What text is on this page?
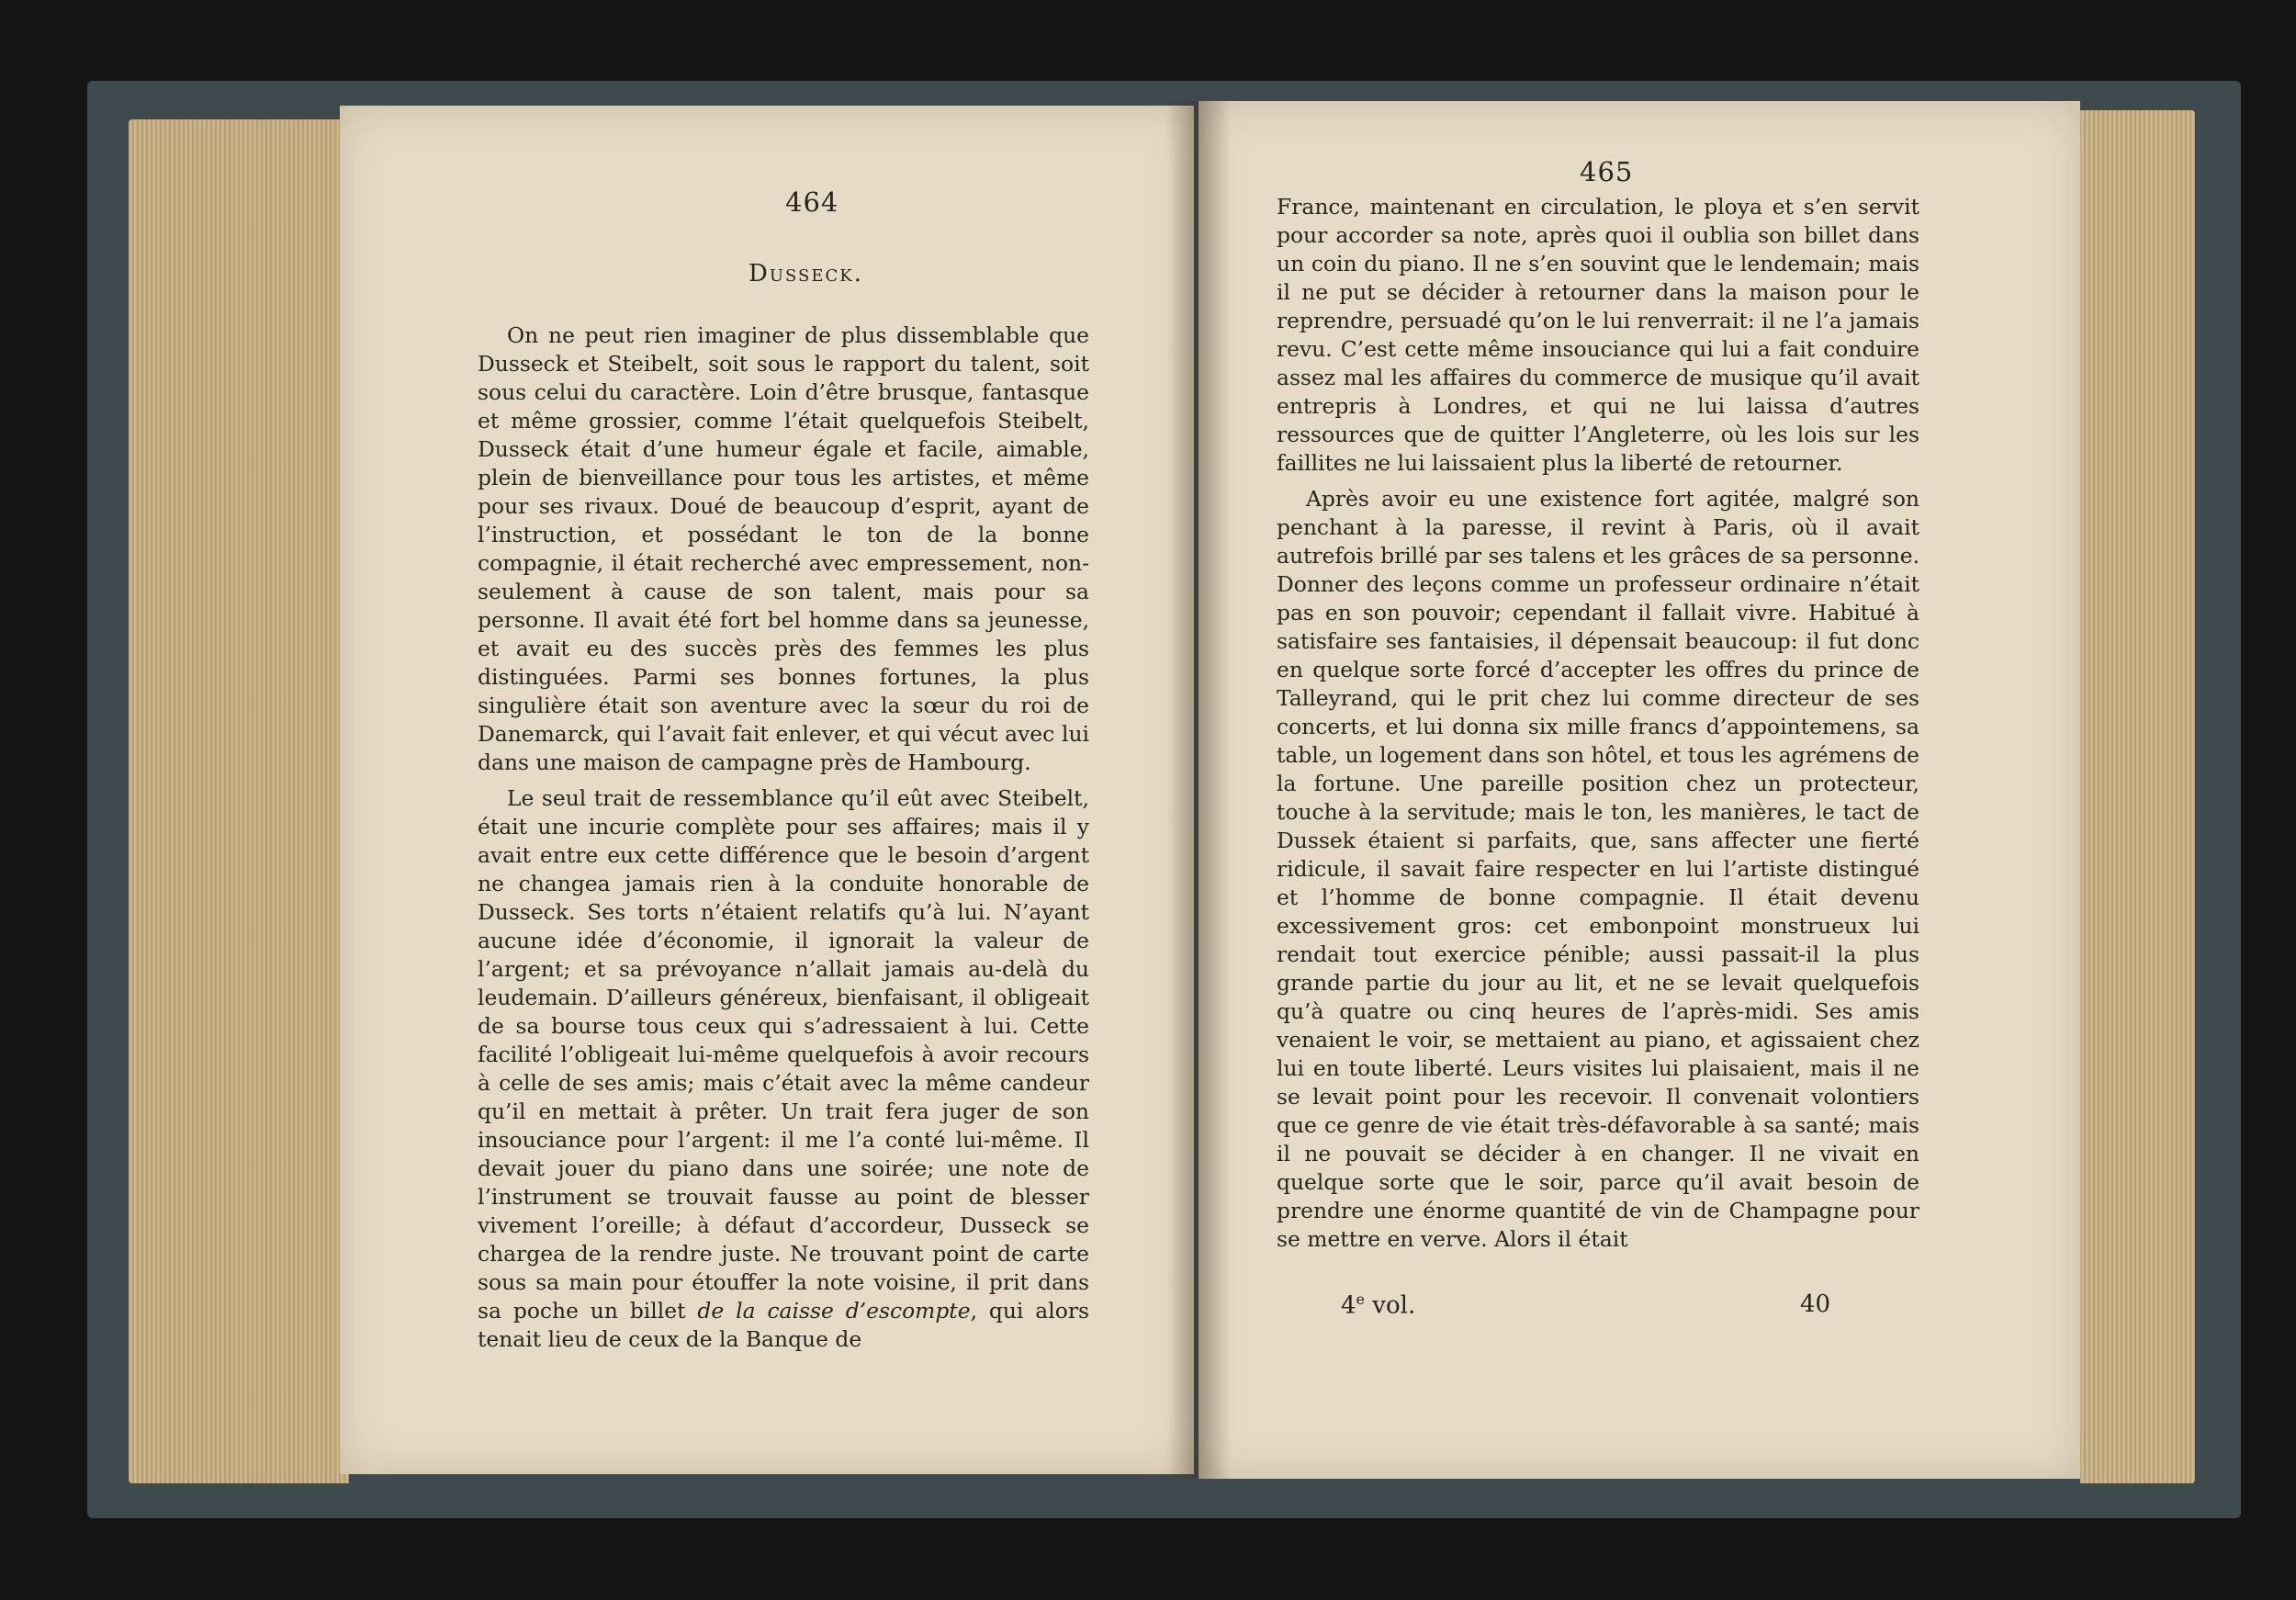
464
Dusseck.

On ne peut rien imaginer de plus dissemblable que Dusseck et Steibelt, soit sous le rapport du talent, soit sous celui du caractère. Loin d’être brusque, fantasque et même grossier, comme l’était quelquefois Steibelt, Dusseck était d’une humeur égale et facile, aimable, plein de bienveillance pour tous les artistes, et même pour ses rivaux. Doué de beaucoup d’esprit, ayant de l’instruction, et possédant le ton de la bonne compagnie, il était recherché avec empressement, non-seulement à cause de son talent, mais pour sa personne. Il avait été fort bel homme dans sa jeunesse, et avait eu des succès près des femmes les plus distinguées. Parmi ses bonnes fortunes, la plus singulière était son aventure avec la sœur du roi de Danemarck, qui l’avait fait enlever, et qui vécut avec lui dans une maison de campagne près de Hambourg.

Le seul trait de ressemblance qu’il eût avec Steibelt, était une incurie complète pour ses affaires; mais il y avait entre eux cette différence que le besoin d’argent ne changea jamais rien à la conduite honorable de Dusseck. Ses torts n’étaient relatifs qu’à lui. N’ayant aucune idée d’économie, il ignorait la valeur de l’argent; et sa prévoyance n’allait jamais au-delà du leudemain. D’ailleurs généreux, bienfaisant, il obligeait de sa bourse tous ceux qui s’adressaient à lui. Cette facilité l’obligeait lui-même quelquefois à avoir recours à celle de ses amis; mais c’était avec la même candeur qu’il en mettait à prêter. Un trait fera juger de son insouciance pour l’argent: il me l’a conté lui-même. Il devait jouer du piano dans une soirée; une note de l’instrument se trouvait fausse au point de blesser vivement l’oreille; à défaut d’accordeur, Dusseck se chargea de la rendre juste. Ne trouvant point de carte sous sa main pour étouffer la note voisine, il prit dans sa poche un billet de la caisse d’escompte, qui alors tenait lieu de ceux de la Banque de

465

France, maintenant en circulation, le ploya et s’en servit pour accorder sa note, après quoi il oublia son billet dans un coin du piano. Il ne s’en souvint que le lendemain; mais il ne put se décider à retourner dans la maison pour le reprendre, persuadé qu’on le lui renverrait: il ne l’a jamais revu. C’est cette même insouciance qui lui a fait conduire assez mal les affaires du commerce de musique qu’il avait entrepris à Londres, et qui ne lui laissa d’autres ressources que de quitter l’Angleterre, où les lois sur les faillites ne lui laissaient plus la liberté de retourner.

Après avoir eu une existence fort agitée, malgré son penchant à la paresse, il revint à Paris, où il avait autrefois brillé par ses talens et les grâces de sa personne. Donner des leçons comme un professeur ordinaire n’était pas en son pouvoir; cependant il fallait vivre. Habitué à satisfaire ses fantaisies, il dépensait beaucoup: il fut donc en quelque sorte forcé d’accepter les offres du prince de Talleyrand, qui le prit chez lui comme directeur de ses concerts, et lui donna six mille francs d’appointemens, sa table, un logement dans son hôtel, et tous les agrémens de la fortune. Une pareille position chez un protecteur, touche à la servitude; mais le ton, les manières, le tact de Dussek étaient si parfaits, que, sans affecter une fierté ridicule, il savait faire respecter en lui l’artiste distingué et l’homme de bonne compagnie. Il était devenu excessivement gros: cet embonpoint monstrueux lui rendait tout exercice pénible; aussi passait-il la plus grande partie du jour au lit, et ne se levait quelquefois qu’à quatre ou cinq heures de l’après-midi. Ses amis venaient le voir, se mettaient au piano, et agissaient chez lui en toute liberté. Leurs visites lui plaisaient, mais il ne se levait point pour les recevoir. Il convenait volontiers que ce genre de vie était très-défavorable à sa santé; mais il ne pouvait se décider à en changer. Il ne vivait en quelque sorte que le soir, parce qu’il avait besoin de prendre une énorme quantité de vin de Champagne pour se mettre en verve. Alors il était

4e vol.	40
